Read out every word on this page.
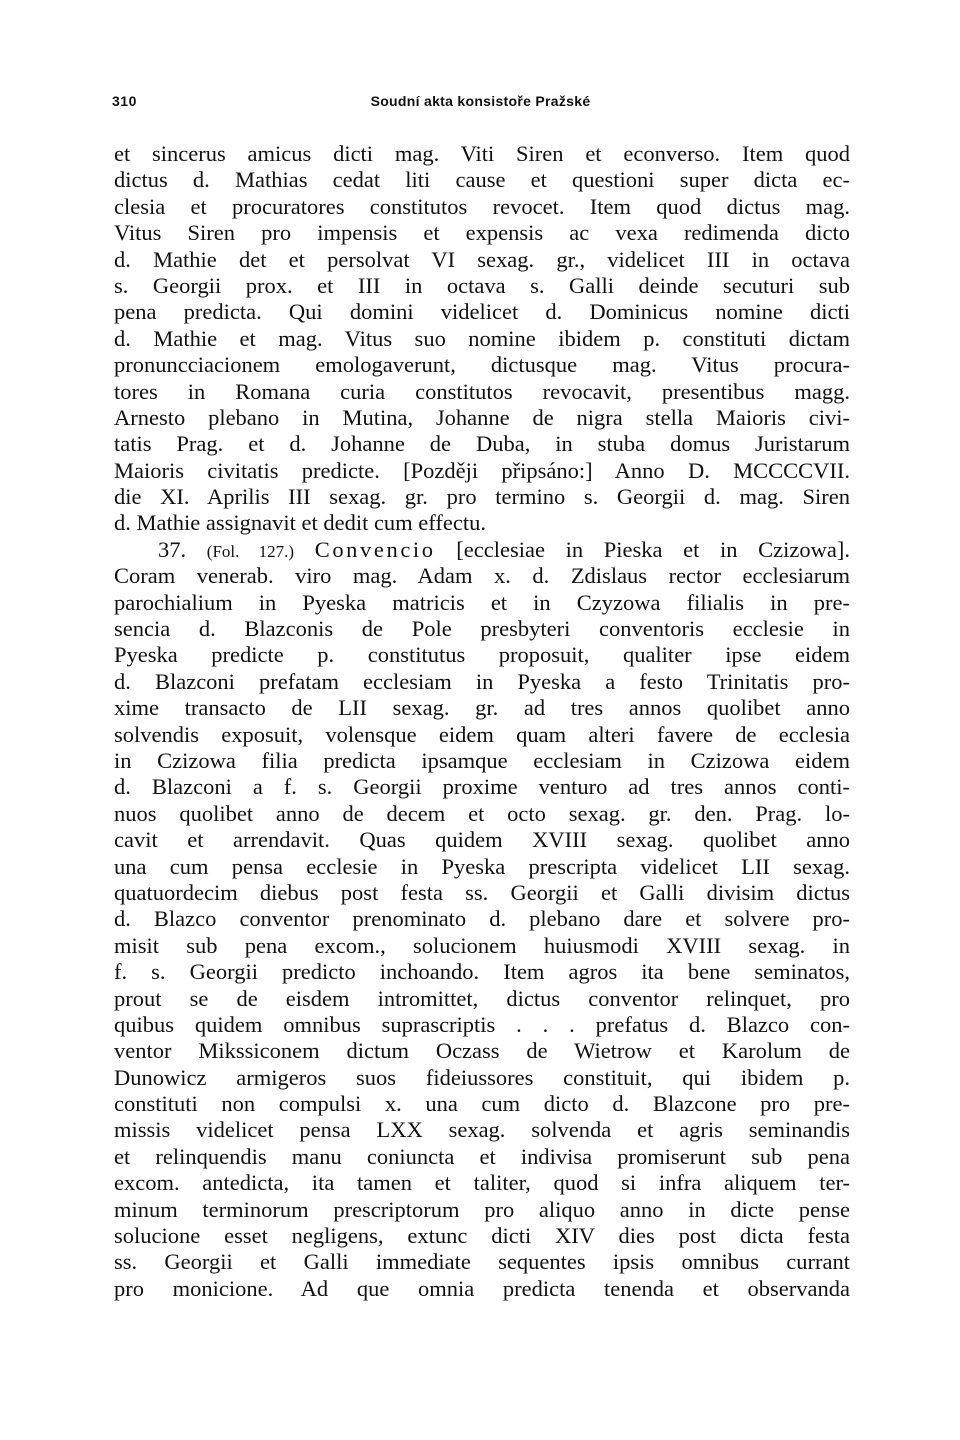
310	Soudní akta konsistoře Pražské
et sincerus amicus dicti mag. Viti Siren et econverso. Item quod
dictus d. Mathias cedat liti cause et questioni super dicta ec-
clesia et procuratores constitutos revocet. Item quod dictus mag.
Vitus Siren pro impensis et expensis ac vexa redimenda dicto
d. Mathie det et persolvat VI sexag. gr., videlicet III in octava
s. Georgii prox. et III in octava s. Galli deinde secuturi sub
pena predicta. Qui domini videlicet d. Dominicus nomine dicti
d. Mathie et mag. Vitus suo nomine ibidem p. constituti dictam
pronuncciacionem emologaverunt, dictusque mag. Vitus procura-
tores in Romana curia constitutos revocavit, presentibus magg.
Arnesto plebano in Mutina, Johanne de nigra stella Maioris civi-
tatis Prag. et d. Johanne de Duba, in stuba domus Juristarum
Maioris civitatis predicte. [Později připsáno:] Anno D. MCCCCVII.
die XI. Aprilis III sexag. gr. pro termino s. Georgii d. mag. Siren
d. Mathie assignavit et dedit cum effectu.
37. (Fol. 127.) Convencio [ecclesiae in Pieska et in Czizowa].
Coram venerab. viro mag. Adam x. d. Zdislaus rector ecclesiarum
parochialium in Pyeska matricis et in Czyzowa filialis in pre-
sencia d. Blazconis de Pole presbyteri conventoris ecclesie in
Pyeska predicte p. constitutus proposuit, qualiter ipse eidem
d. Blazconi prefatam ecclesiam in Pyeska a festo Trinitatis pro-
xime transacto de LII sexag. gr. ad tres annos quolibet anno
solvendis exposuit, volensque eidem quam alteri favere de ecclesia
in Czizowa filia predicta ipsamque ecclesiam in Czizowa eidem
d. Blazconi a f. s. Georgii proxime venturo ad tres annos conti-
nuos quolibet anno de decem et octo sexag. gr. den. Prag. lo-
cavit et arrendavit. Quas quidem XVIII sexag. quolibet anno
una cum pensa ecclesie in Pyeska prescripta videlicet LII sexag.
quatuordecim diebus post festa ss. Georgii et Galli divisim dictus
d. Blazco conventor prenominato d. plebano dare et solvere pro-
misit sub pena excom., solucionem huiusmodi XVIII sexag. in
f. s. Georgii predicto inchoando. Item agros ita bene seminatos,
prout se de eisdem intromittet, dictus conventor relinquet, pro
quibus quidem omnibus suprascriptis . . . prefatus d. Blazco con-
ventor Mikssiconem dictum Oczass de Wietrow et Karolum de
Dunowicz armigeros suos fideiussores constituit, qui ibidem p.
constituti non compulsi x. una cum dicto d. Blazcone pro pre-
missis videlicet pensa LXX sexag. solvenda et agris seminandis
et relinquendis manu coniuncta et indivisa promiserunt sub pena
excom. antedicta, ita tamen et taliter, quod si infra aliquem ter-
minum terminorum prescriptorum pro aliquo anno in dicte pense
solucione esset negligens, extunc dicti XIV dies post dicta festa
ss. Georgii et Galli immediate sequentes ipsis omnibus currant
pro monicione. Ad que omnia predicta tenenda et observanda
